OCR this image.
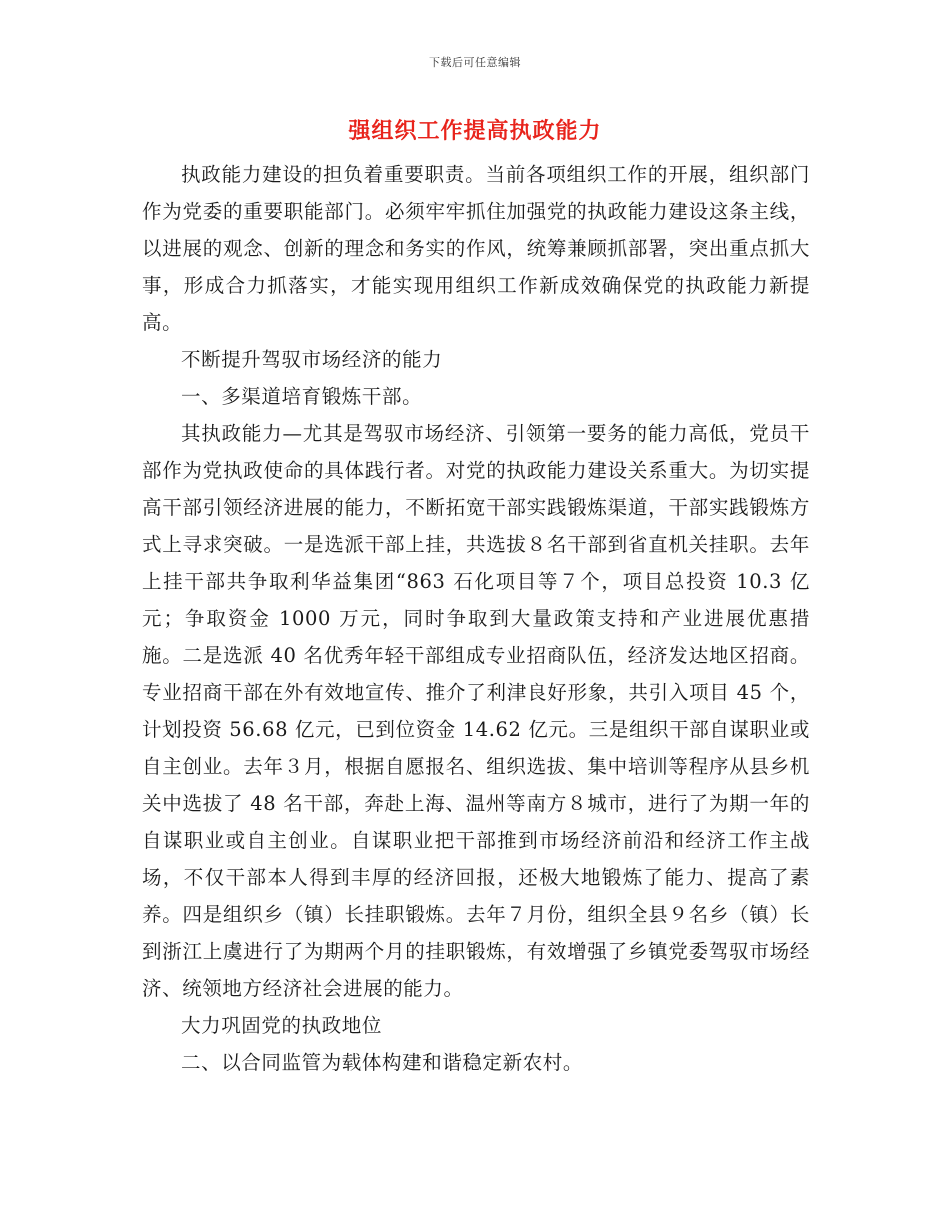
下载后可任意编辑
强组织工作提高执政能力

执政能力建设的担负着重要职责。当前各项组织工作的开展，组织部门作为党委的重要职能部门。必须牢牢抓住加强党的执政能力建设这条主线，以进展的观念、创新的理念和务实的作风，统筹兼顾抓部署，突出重点抓大事，形成合力抓落实，才能实现用组织工作新成效确保党的执政能力新提高。

不断提升驾驭市场经济的能力

一、多渠道培育锻炼干部。

其执政能力—尤其是驾驭市场经济、引领第一要务的能力高低，党员干部作为党执政使命的具体践行者。对党的执政能力建设关系重大。为切实提高干部引领经济进展的能力，不断拓宽干部实践锻炼渠道，干部实践锻炼方式上寻求突破。一是选派干部上挂，共选拔８名干部到省直机关挂职。去年上挂干部共争取利华益集团“863 石化项目等７个，项目总投资 10.3 亿元；争取资金 1000 万元，同时争取到大量政策支持和产业进展优惠措施。二是选派 40 名优秀年轻干部组成专业招商队伍，经济发达地区招商。专业招商干部在外有效地宣传、推介了利津良好形象，共引入项目 45 个，计划投资 56.68 亿元，已到位资金 14.62 亿元。三是组织干部自谋职业或自主创业。去年３月，根据自愿报名、组织选拔、集中培训等程序从县乡机关中选拔了 48 名干部，奔赴上海、温州等南方８城市，进行了为期一年的自谋职业或自主创业。自谋职业把干部推到市场经济前沿和经济工作主战场，不仅干部本人得到丰厚的经济回报，还极大地锻炼了能力、提高了素养。四是组织乡（镇）长挂职锻炼。去年７月份，组织全县９名乡（镇）长到浙江上虞进行了为期两个月的挂职锻炼，有效增强了乡镇党委驾驭市场经济、统领地方经济社会进展的能力。

大力巩固党的执政地位

二、以合同监管为载体构建和谐稳定新农村。
